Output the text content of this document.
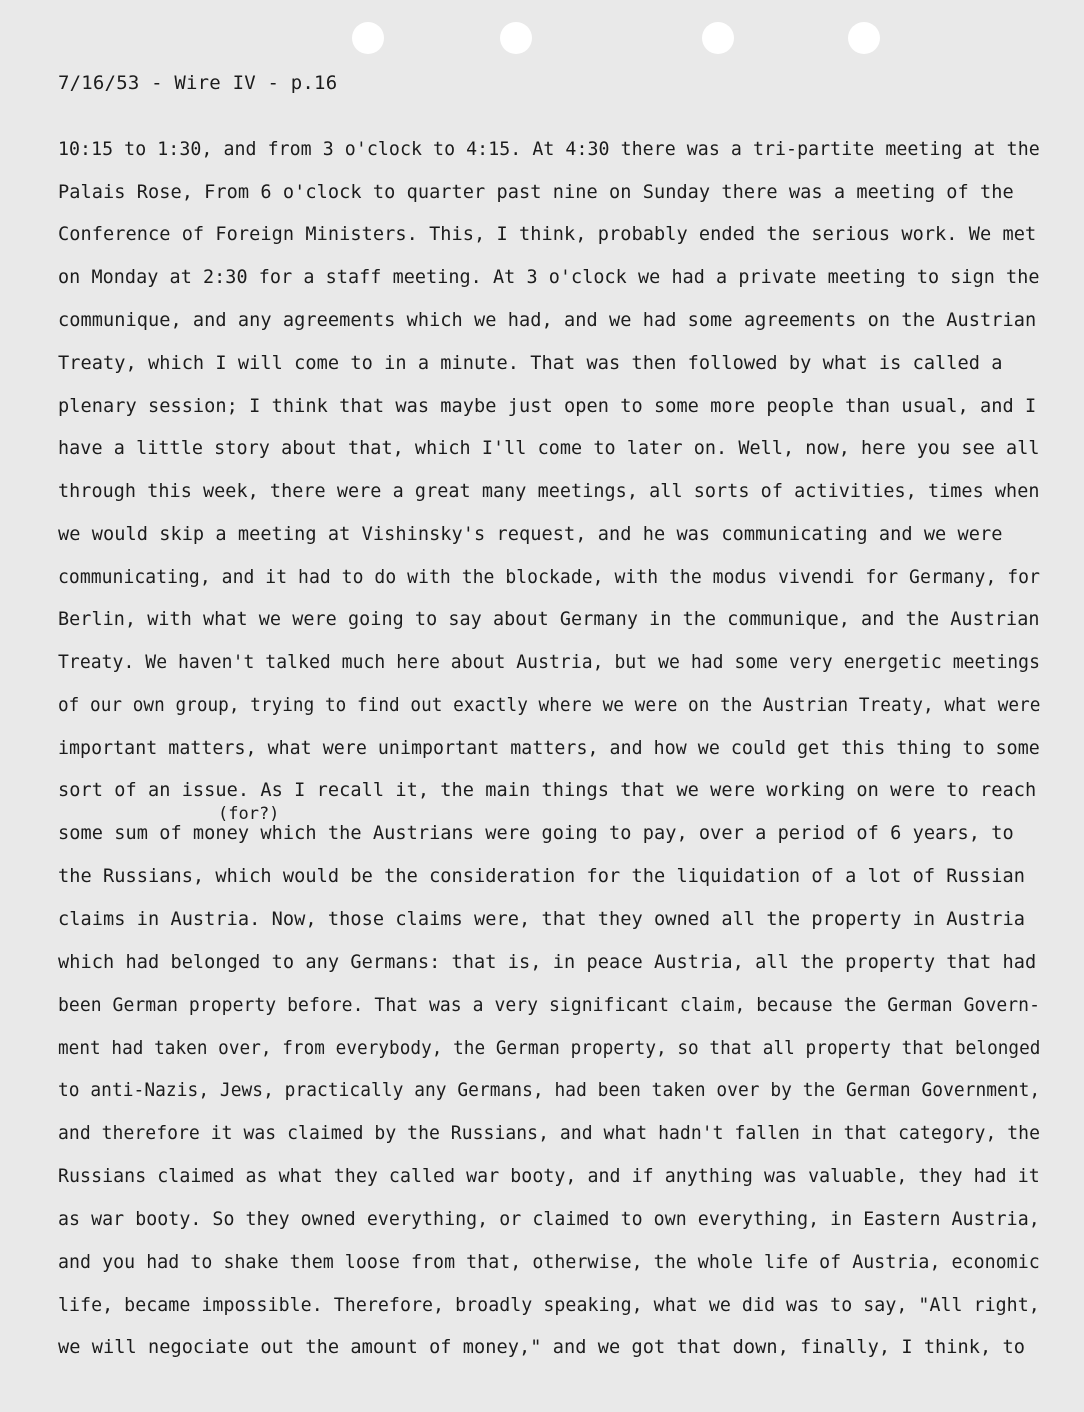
7/16/53 - Wire IV - p.16
10:15 to 1:30, and from 3 o'clock to 4:15. At 4:30 there was a tri-partite meeting at the
Palais Rose, From 6 o'clock to quarter past nine on Sunday there was a meeting of the
Conference of Foreign Ministers. This, I think, probably ended the serious work. We met
on Monday at 2:30 for a staff meeting. At 3 o'clock we had a private meeting to sign the
communique, and any agreements which we had, and we had some agreements on the Austrian
Treaty, which I will come to in a minute. That was then followed by what is called a
plenary session; I think that was maybe just open to some more people than usual, and I
have a little story about that, which I'll come to later on. Well, now, here you see all
through this week, there were a great many meetings, all sorts of activities, times when
we would skip a meeting at Vishinsky's request, and he was communicating and we were
communicating, and it had to do with the blockade, with the modus vivendi for Germany, for
Berlin, with what we were going to say about Germany in the communique, and the Austrian
Treaty. We haven't talked much here about Austria, but we had some very energetic meetings
of our own group, trying to find out exactly where we were on the Austrian Treaty, what were
important matters, what were unimportant matters, and how we could get this thing to some
sort of an issue. As I recall it, the main things that we were working on were to reach
(for?)
some sum of money which the Austrians were going to pay, over a period of 6 years, to
the Russians, which would be the consideration for the liquidation of a lot of Russian
claims in Austria. Now, those claims were, that they owned all the property in Austria
which had belonged to any Germans: that is, in peace Austria, all the property that had
been German property before. That was a very significant claim, because the German Govern-
ment had taken over, from everybody, the German property, so that all property that belonged
to anti-Nazis, Jews, practically any Germans, had been taken over by the German Government,
and therefore it was claimed by the Russians, and what hadn't fallen in that category, the
Russians claimed as what they called war booty, and if anything was valuable, they had it
as war booty. So they owned everything, or claimed to own everything, in Eastern Austria,
and you had to shake them loose from that, otherwise, the whole life of Austria, economic
life, became impossible. Therefore, broadly speaking, what we did was to say, "All right,
we will negociate out the amount of money," and we got that down, finally, I think, to
